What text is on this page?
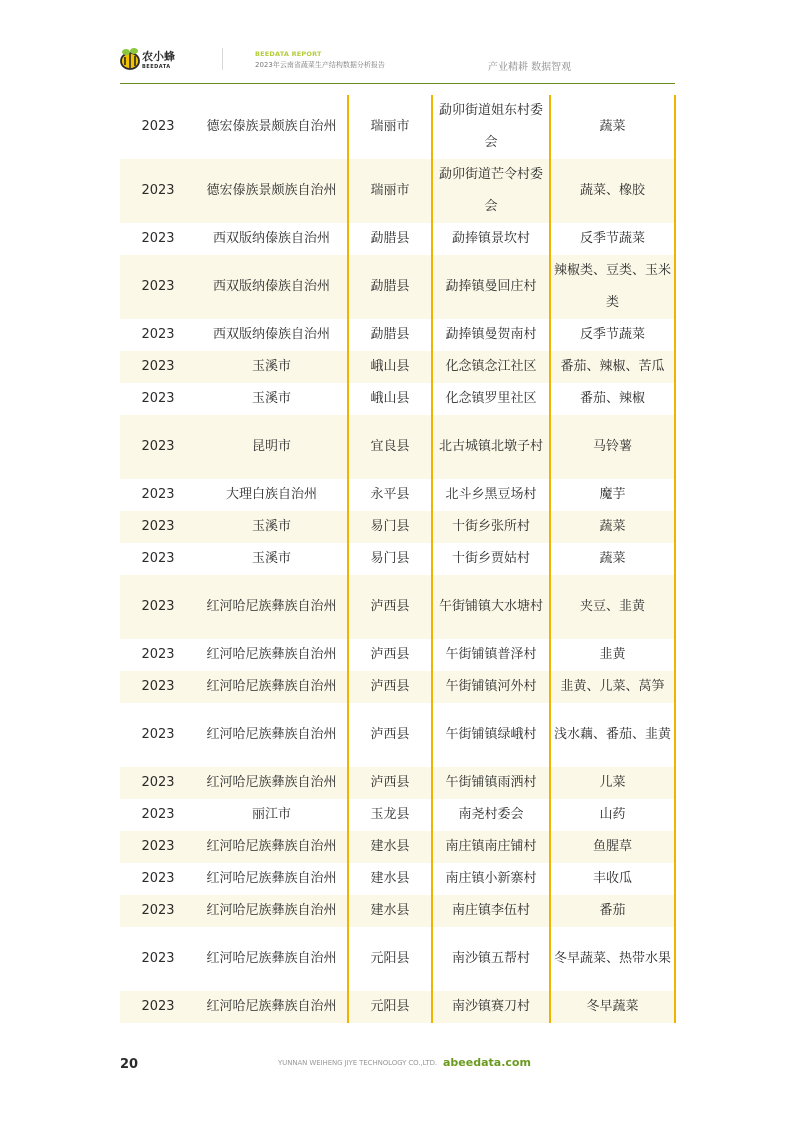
农小蜂
BEEDATA
BEEDATA REPORT
2023年云南省蔬菜生产结构数据分析报告	产业精耕 数据智观
2023	德宏傣族景颇族自治州	瑞丽市	勐卯街道姐东村委会	蔬菜
2023	德宏傣族景颇族自治州	瑞丽市	勐卯街道芒令村委会	蔬菜、橡胶
2023	西双版纳傣族自治州	勐腊县	勐捧镇景坎村	反季节蔬菜
2023	西双版纳傣族自治州	勐腊县	勐捧镇曼回庄村	辣椒类、豆类、玉米类
2023	西双版纳傣族自治州	勐腊县	勐捧镇曼贺南村	反季节蔬菜
2023	玉溪市	峨山县	化念镇念江社区	番茄、辣椒、苦瓜
2023	玉溪市	峨山县	化念镇罗里社区	番茄、辣椒
2023	昆明市	宜良县	北古城镇北墩子村	马铃薯
2023	大理白族自治州	永平县	北斗乡黑豆场村	魔芋
2023	玉溪市	易门县	十街乡张所村	蔬菜
2023	玉溪市	易门县	十街乡贾姑村	蔬菜
2023	红河哈尼族彝族自治州	泸西县	午街铺镇大水塘村	夹豆、韭黄
2023	红河哈尼族彝族自治州	泸西县	午街铺镇普泽村	韭黄
2023	红河哈尼族彝族自治州	泸西县	午街铺镇河外村	韭黄、儿菜、莴笋
2023	红河哈尼族彝族自治州	泸西县	午街铺镇绿峨村	浅水藕、番茄、韭黄
2023	红河哈尼族彝族自治州	泸西县	午街铺镇雨洒村	儿菜
2023	丽江市	玉龙县	南尧村委会	山药
2023	红河哈尼族彝族自治州	建水县	南庄镇南庄铺村	鱼腥草
2023	红河哈尼族彝族自治州	建水县	南庄镇小新寨村	丰收瓜
2023	红河哈尼族彝族自治州	建水县	南庄镇李伍村	番茄
2023	红河哈尼族彝族自治州	元阳县	南沙镇五帮村	冬早蔬菜、热带水果
2023	红河哈尼族彝族自治州	元阳县	南沙镇赛刀村	冬早蔬菜
20	YUNNAN WEIHENG JIYE TECHNOLOGY CO.,LTD. abeedata.com
